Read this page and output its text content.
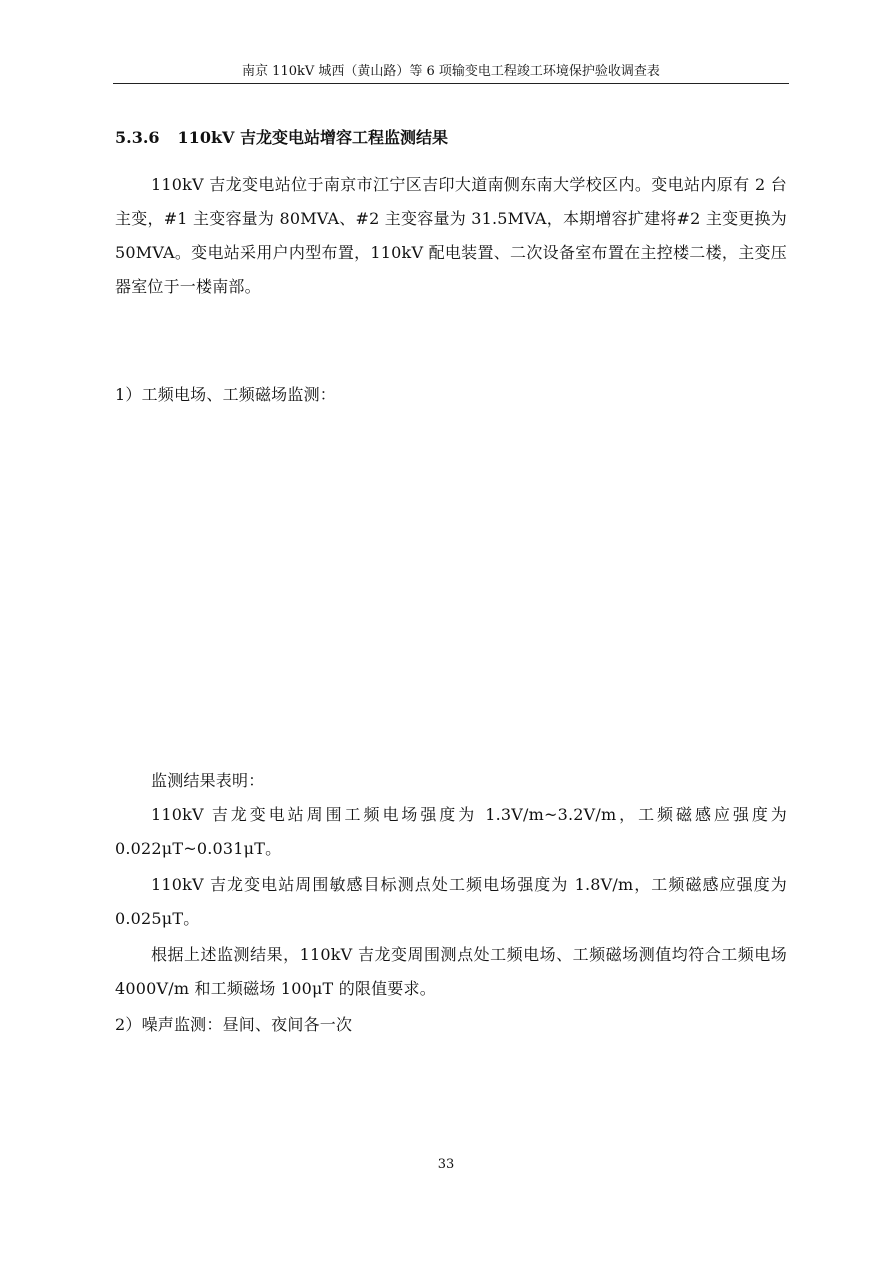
南京 110kV 城西（黄山路）等 6 项输变电工程竣工环境保护验收调查表
5.3.6 110kV 吉龙变电站增容工程监测结果

110kV 吉龙变电站位于南京市江宁区吉印大道南侧东南大学校区内。变电站内原有 2 台主变，#1 主变容量为 80MVA、#2 主变容量为 31.5MVA，本期增容扩建将#2 主变更换为 50MVA。变电站采用户内型布置，110kV 配电装置、二次设备室布置在主控楼二楼，主变压器室位于一楼南部。

1）工频电场、工频磁场监测：

监测结果表明：

110kV 吉龙变电站周围工频电场强度为 1.3V/m~3.2V/m，工频磁感应强度为 0.022μT~0.031μT。

110kV 吉龙变电站周围敏感目标测点处工频电场强度为 1.8V/m，工频磁感应强度为 0.025μT。

根据上述监测结果，110kV 吉龙变周围测点处工频电场、工频磁场测值均符合工频电场 4000V/m 和工频磁场 100μT 的限值要求。

2）噪声监测：昼间、夜间各一次

33
